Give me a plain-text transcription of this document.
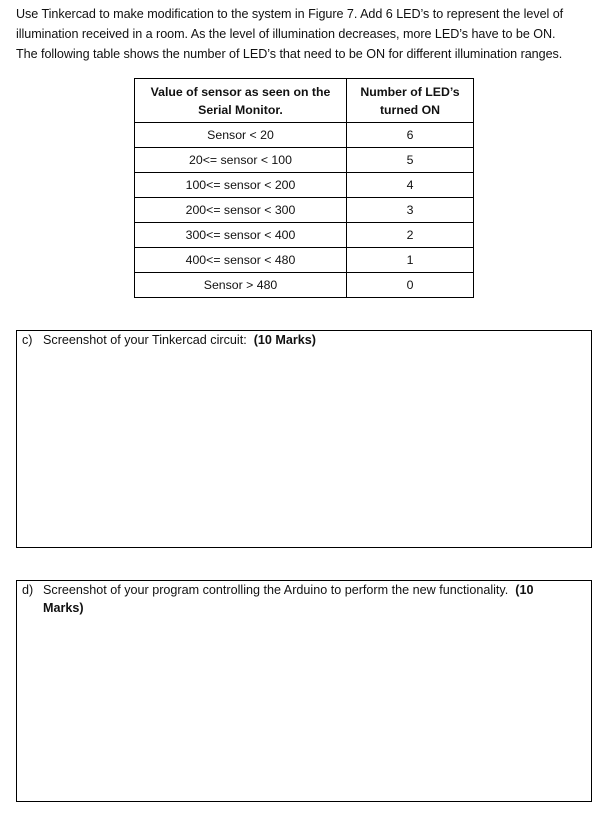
Use Tinkercad to make modification to the system in Figure 7. Add 6 LED’s to represent the level of

illumination received in a room. As the level of illumination decreases, more LED’s have to be ON.

The following table shows the number of LED’s that need to be ON for different illumination ranges.

Value of sensor as seen on the
Serial Monitor.	Number of LED’s
turned ON
Sensor < 20	6
20<= sensor < 100	5
100<= sensor < 200	4
200<= sensor < 300	3
300<= sensor < 400	2
400<= sensor < 480	1
Sensor > 480	0
c) Screenshot of your Tinkercad circuit: (10 Marks)
d) Screenshot of your program controlling the Arduino to perform the new functionality. (10
Marks)
